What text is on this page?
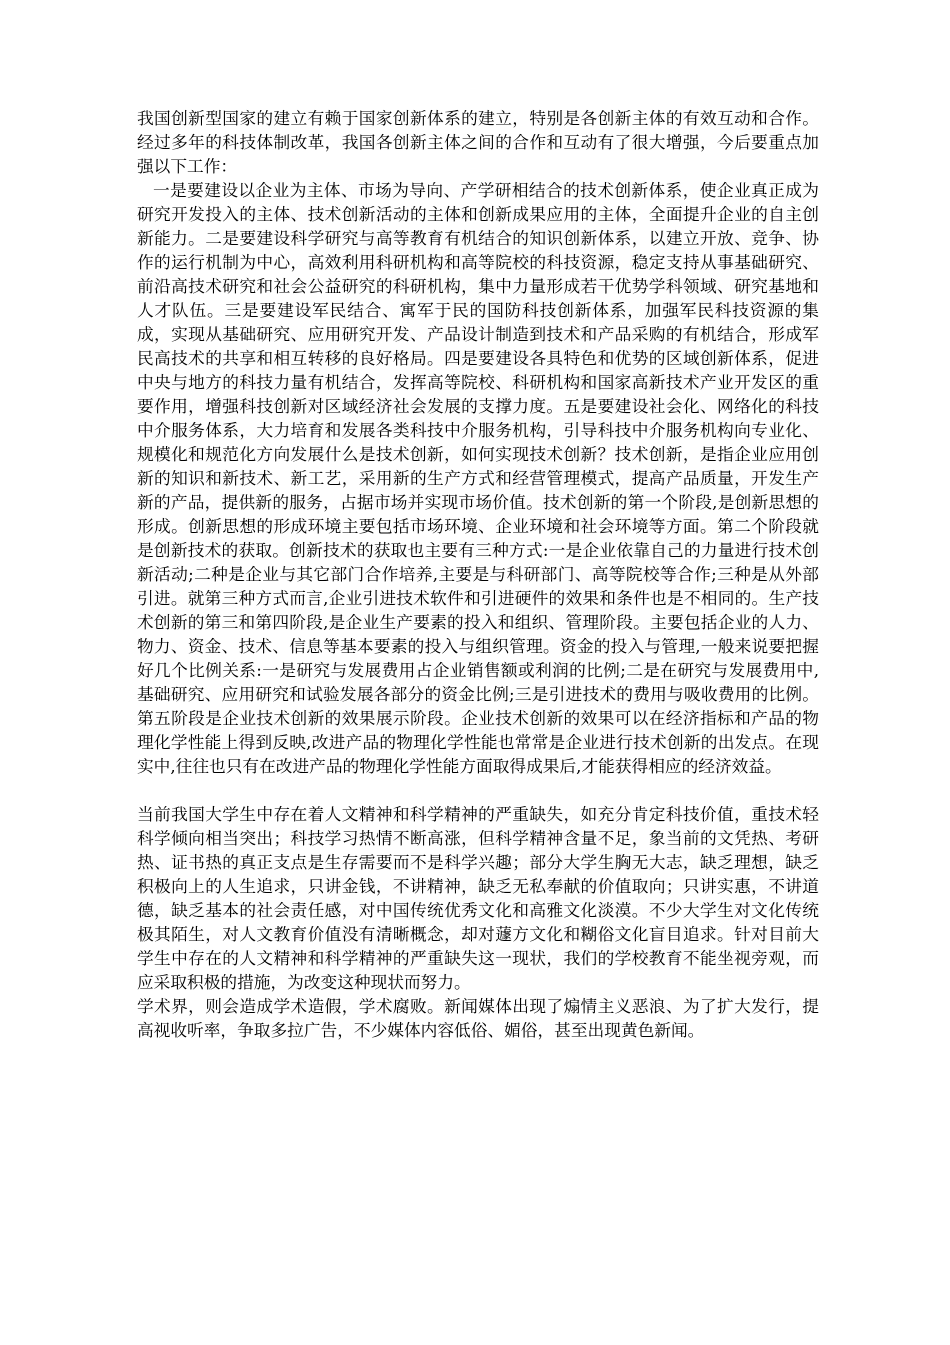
我国创新型国家的建立有赖于国家创新体系的建立，特别是各创新主体的有效互动和合作。经过多年的科技体制改革，我国各创新主体之间的合作和互动有了很大增强，今后要重点加强以下工作：

一是要建设以企业为主体、市场为导向、产学研相结合的技术创新体系，使企业真正成为研究开发投入的主体、技术创新活动的主体和创新成果应用的主体，全面提升企业的自主创新能力。二是要建设科学研究与高等教育有机结合的知识创新体系，以建立开放、竞争、协作的运行机制为中心，高效利用科研机构和高等院校的科技资源，稳定支持从事基础研究、前沿高技术研究和社会公益研究的科研机构，集中力量形成若干优势学科领域、研究基地和人才队伍。三是要建设军民结合、寓军于民的国防科技创新体系，加强军民科技资源的集成，实现从基础研究、应用研究开发、产品设计制造到技术和产品采购的有机结合，形成军民高技术的共享和相互转移的良好格局。四是要建设各具特色和优势的区域创新体系，促进中央与地方的科技力量有机结合，发挥高等院校、科研机构和国家高新技术产业开发区的重要作用，增强科技创新对区域经济社会发展的支撑力度。五是要建设社会化、网络化的科技中介服务体系，大力培育和发展各类科技中介服务机构，引导科技中介服务机构向专业化、规模化和规范化方向发展什么是技术创新，如何实现技术创新？技术创新，是指企业应用创新的知识和新技术、新工艺，采用新的生产方式和经营管理模式，提高产品质量，开发生产新的产品，提供新的服务，占据市场并实现市场价值。技术创新的第一个阶段,是创新思想的形成。创新思想的形成环境主要包括市场环境、企业环境和社会环境等方面。第二个阶段就是创新技术的获取。创新技术的获取也主要有三种方式:一是企业依靠自己的力量进行技术创新活动;二种是企业与其它部门合作培养,主要是与科研部门、高等院校等合作;三种是从外部引进。就第三种方式而言,企业引进技术软件和引进硬件的效果和条件也是不相同的。生产技术创新的第三和第四阶段,是企业生产要素的投入和组织、管理阶段。主要包括企业的人力、物力、资金、技术、信息等基本要素的投入与组织管理。资金的投入与管理,一般来说要把握好几个比例关系:一是研究与发展费用占企业销售额或利润的比例;二是在研究与发展费用中,基础研究、应用研究和试验发展各部分的资金比例;三是引进技术的费用与吸收费用的比例。第五阶段是企业技术创新的效果展示阶段。企业技术创新的效果可以在经济指标和产品的物理化学性能上得到反映,改进产品的物理化学性能也常常是企业进行技术创新的出发点。在现实中,往往也只有在改进产品的物理化学性能方面取得成果后,才能获得相应的经济效益。

当前我国大学生中存在着人文精神和科学精神的严重缺失，如充分肯定科技价值，重技术轻科学倾向相当突出；科技学习热情不断高涨，但科学精神含量不足，象当前的文凭热、考研热、证书热的真正支点是生存需要而不是科学兴趣；部分大学生胸无大志，缺乏理想，缺乏积极向上的人生追求，只讲金钱，不讲精神，缺乏无私奉献的价值取向；只讲实惠，不讲道德，缺乏基本的社会责任感，对中国传统优秀文化和高雅文化淡漠。不少大学生对文化传统极其陌生，对人文教育价值没有清晰概念，却对蘧方文化和糊俗文化盲目追求。针对目前大学生中存在的人文精神和科学精神的严重缺失这一现状，我们的学校教育不能坐视旁观，而应采取积极的措施，为改变这种现状而努力。

学术界，则会造成学术造假，学术腐败。新闻媒体出现了煽情主义恶浪、为了扩大发行，提高视收听率，争取多拉广告，不少媒体内容低俗、媚俗，甚至出现黄色新闻。
